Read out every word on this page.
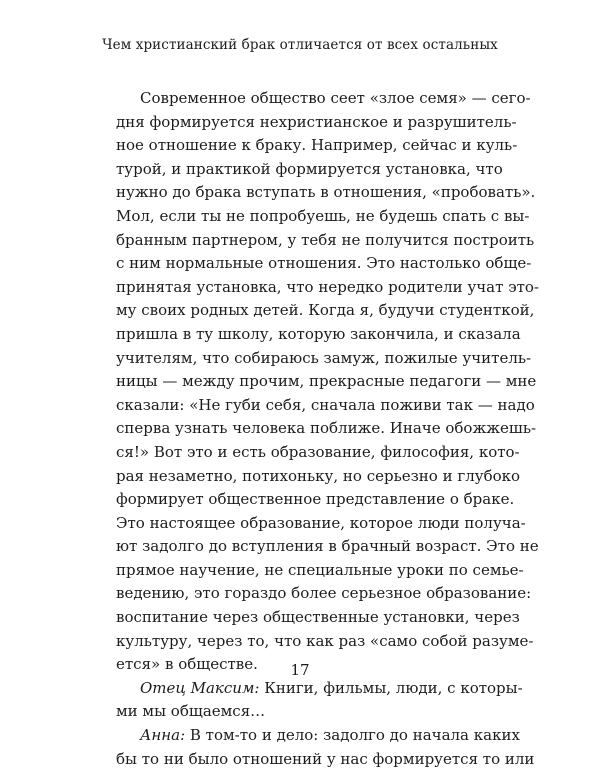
Чем христианский брак отличается от всех остальных
Современное общество сеет «злое семя» — сего-
дня формируется нехристианское и разрушитель-
ное отношение к браку. Например, сейчас и куль-
турой, и практикой формируется установка, что
нужно до брака вступать в отношения, «пробовать».
Мол, если ты не попробуешь, не будешь спать с вы-
бранным партнером, у тебя не получится построить
с ним нормальные отношения. Это настолько обще-
принятая установка, что нередко родители учат это-
му своих родных детей. Когда я, будучи студенткой,
пришла в ту школу, которую закончила, и сказала
учителям, что собираюсь замуж, пожилые учитель-
ницы — между прочим, прекрасные педагоги — мне
сказали: «Не губи себя, сначала поживи так — надо
сперва узнать человека поближе. Иначе обожжешь-
ся!» Вот это и есть образование, философия, кото-
рая незаметно, потихоньку, но серьезно и глубоко
формирует общественное представление о браке.
Это настоящее образование, которое люди получа-
ют задолго до вступления в брачный возраст. Это не
прямое научение, не специальные уроки по семье-
ведению, это гораздо более серьезное образование:
воспитание через общественные установки, через
культуру, через то, что как раз «само собой разуме-
ется» в обществе.
Отец Максим: Книги, фильмы, люди, с которы-
ми мы общаемся…
Анна: В том-то и дело: задолго до начала каких
бы то ни было отношений у нас формируется то или
17
